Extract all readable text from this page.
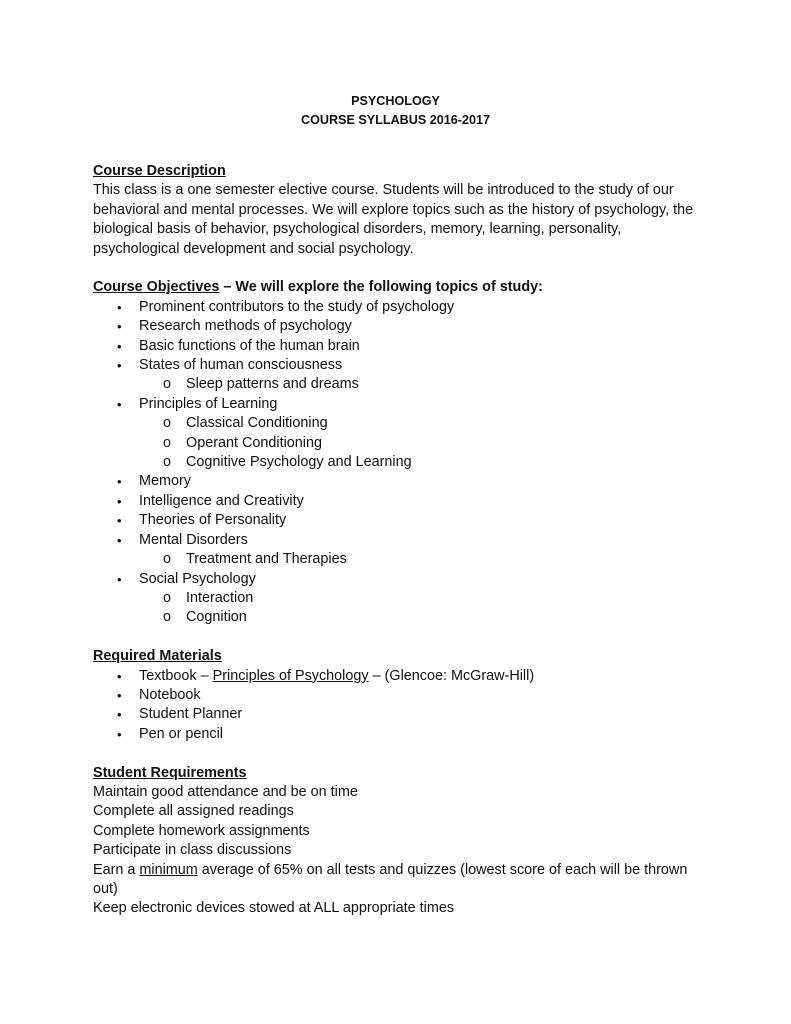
PSYCHOLOGY
COURSE SYLLABUS 2016-2017
Course Description

This class is a one semester elective course. Students will be introduced to the study of our

behavioral and mental processes. We will explore topics such as the history of psychology, the

biological basis of behavior, psychological disorders, memory, learning, personality,

psychological development and social psychology.

Course Objectives – We will explore the following topics of study:
• Prominent contributors to the study of psychology
• Research methods of psychology
• Basic functions of the human brain
• States of human consciousness
o Sleep patterns and dreams
• Principles of Learning
o Classical Conditioning
o Operant Conditioning
o Cognitive Psychology and Learning
• Memory
• Intelligence and Creativity
• Theories of Personality
• Mental Disorders
o Treatment and Therapies
• Social Psychology
o Interaction
o Cognition
Required Materials
• Textbook – Principles of Psychology – (Glencoe: McGraw-Hill)
• Notebook
• Student Planner
• Pen or pencil
Student Requirements

Maintain good attendance and be on time

Complete all assigned readings

Complete homework assignments

Participate in class discussions

Earn a minimum average of 65% on all tests and quizzes (lowest score of each will be thrown

out)

Keep electronic devices stowed at ALL appropriate times
